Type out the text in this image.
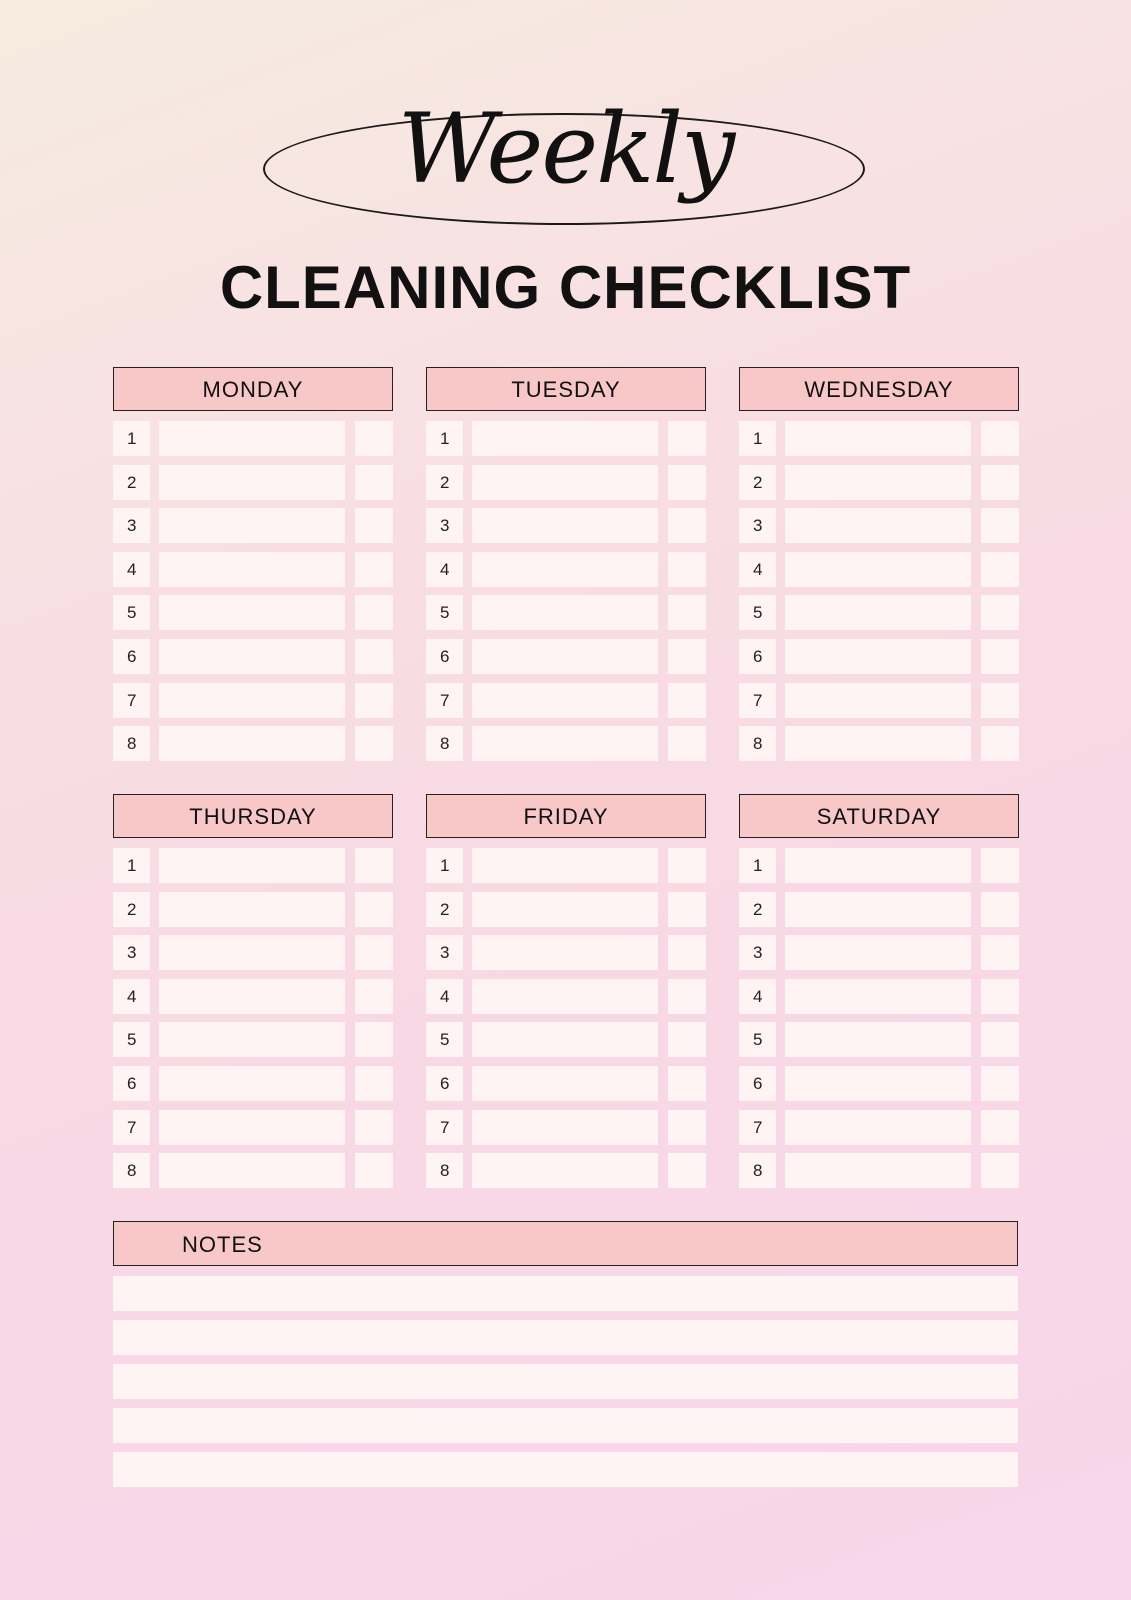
Weekly
CLEANING CHECKLIST
MONDAY
1
2
3
4
5
6
7
8
TUESDAY
1
2
3
4
5
6
7
8
WEDNESDAY
1
2
3
4
5
6
7
8
THURSDAY
1
2
3
4
5
6
7
8
FRIDAY
1
2
3
4
5
6
7
8
SATURDAY
1
2
3
4
5
6
7
8
NOTES
